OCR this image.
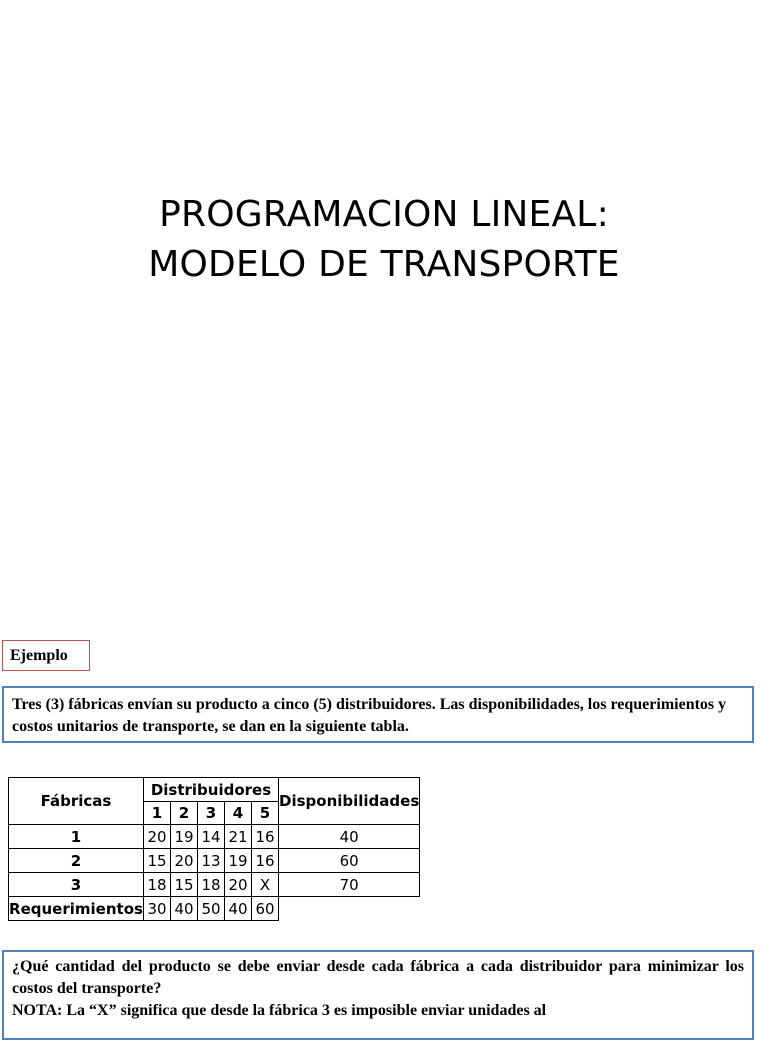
PROGRAMACION LINEAL:
MODELO DE TRANSPORTE
Ejemplo
Tres (3) fábricas envían su producto a cinco (5) distribuidores. Las disponibilidades, los requerimientos y costos unitarios de transporte, se dan en la siguiente tabla.
Fábricas	Distribuidores					Disponibilidades
	1	2	3	4	5	
1	20	19	14	21	16	40
2	15	20	13	19	16	60
3	18	15	18	20	X	70
Requerimientos	30	40	50	40	60	

¿Qué cantidad del producto se debe enviar desde cada fábrica a cada distribuidor para minimizar los costos del transporte?

NOTA: La “X” significa que desde la fábrica 3 es imposible enviar unidades al
